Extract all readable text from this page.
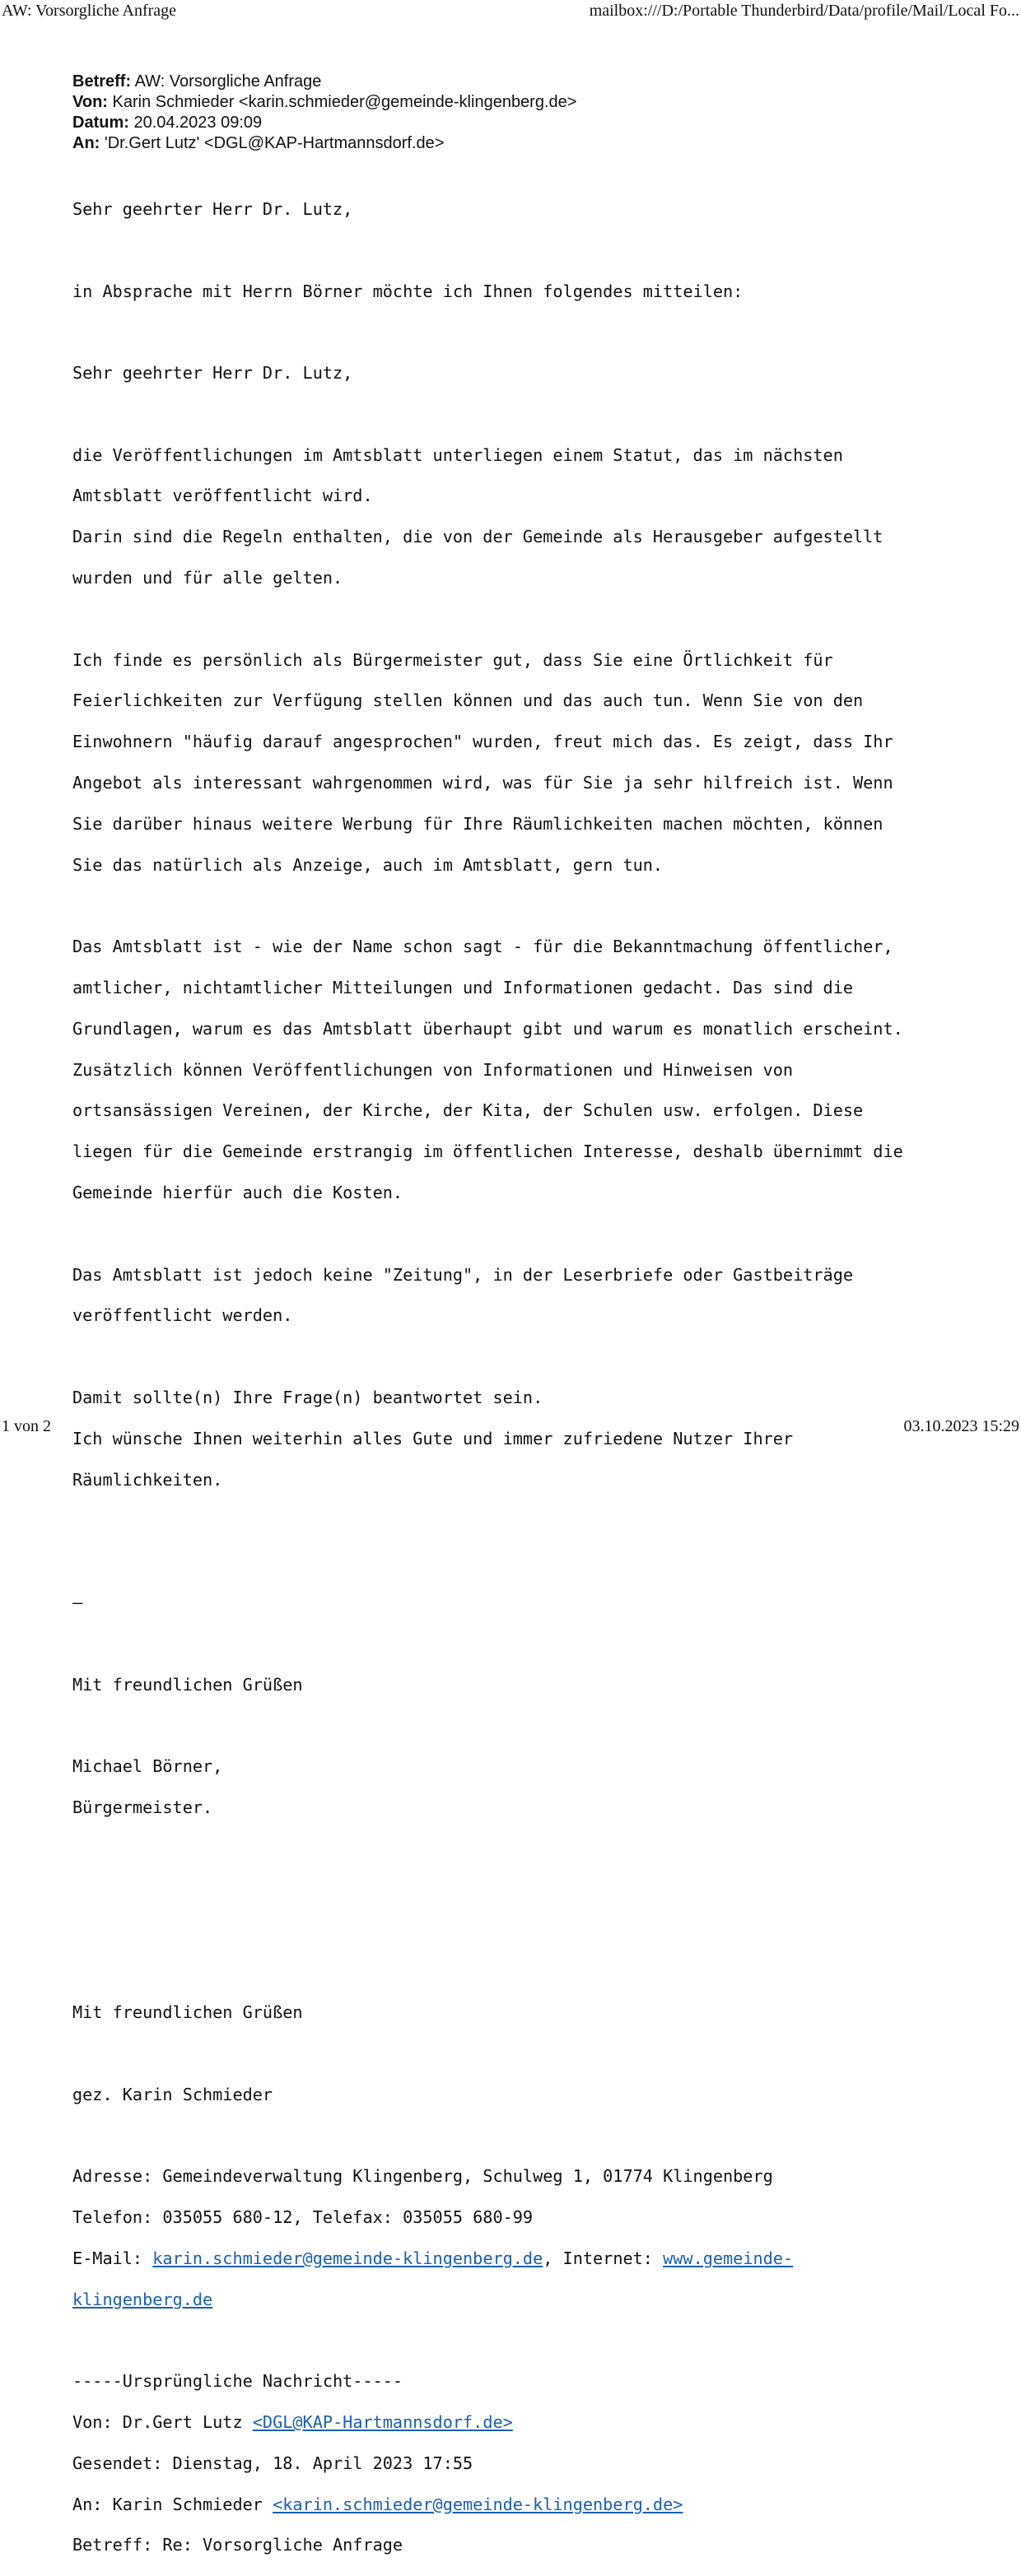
AW: Vorsorgliche Anfrage	mailbox:///D:/Portable Thunderbird/Data/profile/Mail/Local Fo...
Betreff: AW: Vorsorgliche Anfrage
Von: Karin Schmieder <karin.schmieder@gemeinde-klingenberg.de>
Datum: 20.04.2023 09:09
An: 'Dr.Gert Lutz' <DGL@KAP-Hartmannsdorf.de>

Sehr geehrter Herr Dr. Lutz,

in Absprache mit Herrn Börner möchte ich Ihnen folgendes mitteilen:

Sehr geehrter Herr Dr. Lutz,

die Veröffentlichungen im Amtsblatt unterliegen einem Statut, das im nächsten

Amtsblatt veröffentlicht wird.

Darin sind die Regeln enthalten, die von der Gemeinde als Herausgeber aufgestellt

wurden und für alle gelten.

Ich finde es persönlich als Bürgermeister gut, dass Sie eine Örtlichkeit für

Feierlichkeiten zur Verfügung stellen können und das auch tun. Wenn Sie von den

Einwohnern "häufig darauf angesprochen" wurden, freut mich das. Es zeigt, dass Ihr

Angebot als interessant wahrgenommen wird, was für Sie ja sehr hilfreich ist. Wenn

Sie darüber hinaus weitere Werbung für Ihre Räumlichkeiten machen möchten, können

Sie das natürlich als Anzeige, auch im Amtsblatt, gern tun.

Das Amtsblatt ist - wie der Name schon sagt - für die Bekanntmachung öffentlicher,

amtlicher, nichtamtlicher Mitteilungen und Informationen gedacht. Das sind die

Grundlagen, warum es das Amtsblatt überhaupt gibt und warum es monatlich erscheint.

Zusätzlich können Veröffentlichungen von Informationen und Hinweisen von

ortsansässigen Vereinen, der Kirche, der Kita, der Schulen usw. erfolgen. Diese

liegen für die Gemeinde erstrangig im öffentlichen Interesse, deshalb übernimmt die

Gemeinde hierfür auch die Kosten.

Das Amtsblatt ist jedoch keine "Zeitung", in der Leserbriefe oder Gastbeiträge

veröffentlicht werden.

Damit sollte(n) Ihre Frage(n) beantwortet sein.

Ich wünsche Ihnen weiterhin alles Gute und immer zufriedene Nutzer Ihrer

Räumlichkeiten.

–

Mit freundlichen Grüßen

Michael Börner,

Bürgermeister.

Mit freundlichen Grüßen

gez. Karin Schmieder

Adresse: Gemeindeverwaltung Klingenberg, Schulweg 1, 01774 Klingenberg

Telefon: 035055 680-12, Telefax: 035055 680-99

E-Mail: karin.schmieder@gemeinde-klingenberg.de, Internet: www.gemeinde-

klingenberg.de

-----Ursprüngliche Nachricht-----

Von: Dr.Gert Lutz <DGL@KAP-Hartmannsdorf.de>

Gesendet: Dienstag, 18. April 2023 17:55

An: Karin Schmieder <karin.schmieder@gemeinde-klingenberg.de>

Betreff: Re: Vorsorgliche Anfrage

1 von 2	03.10.2023 15:29
